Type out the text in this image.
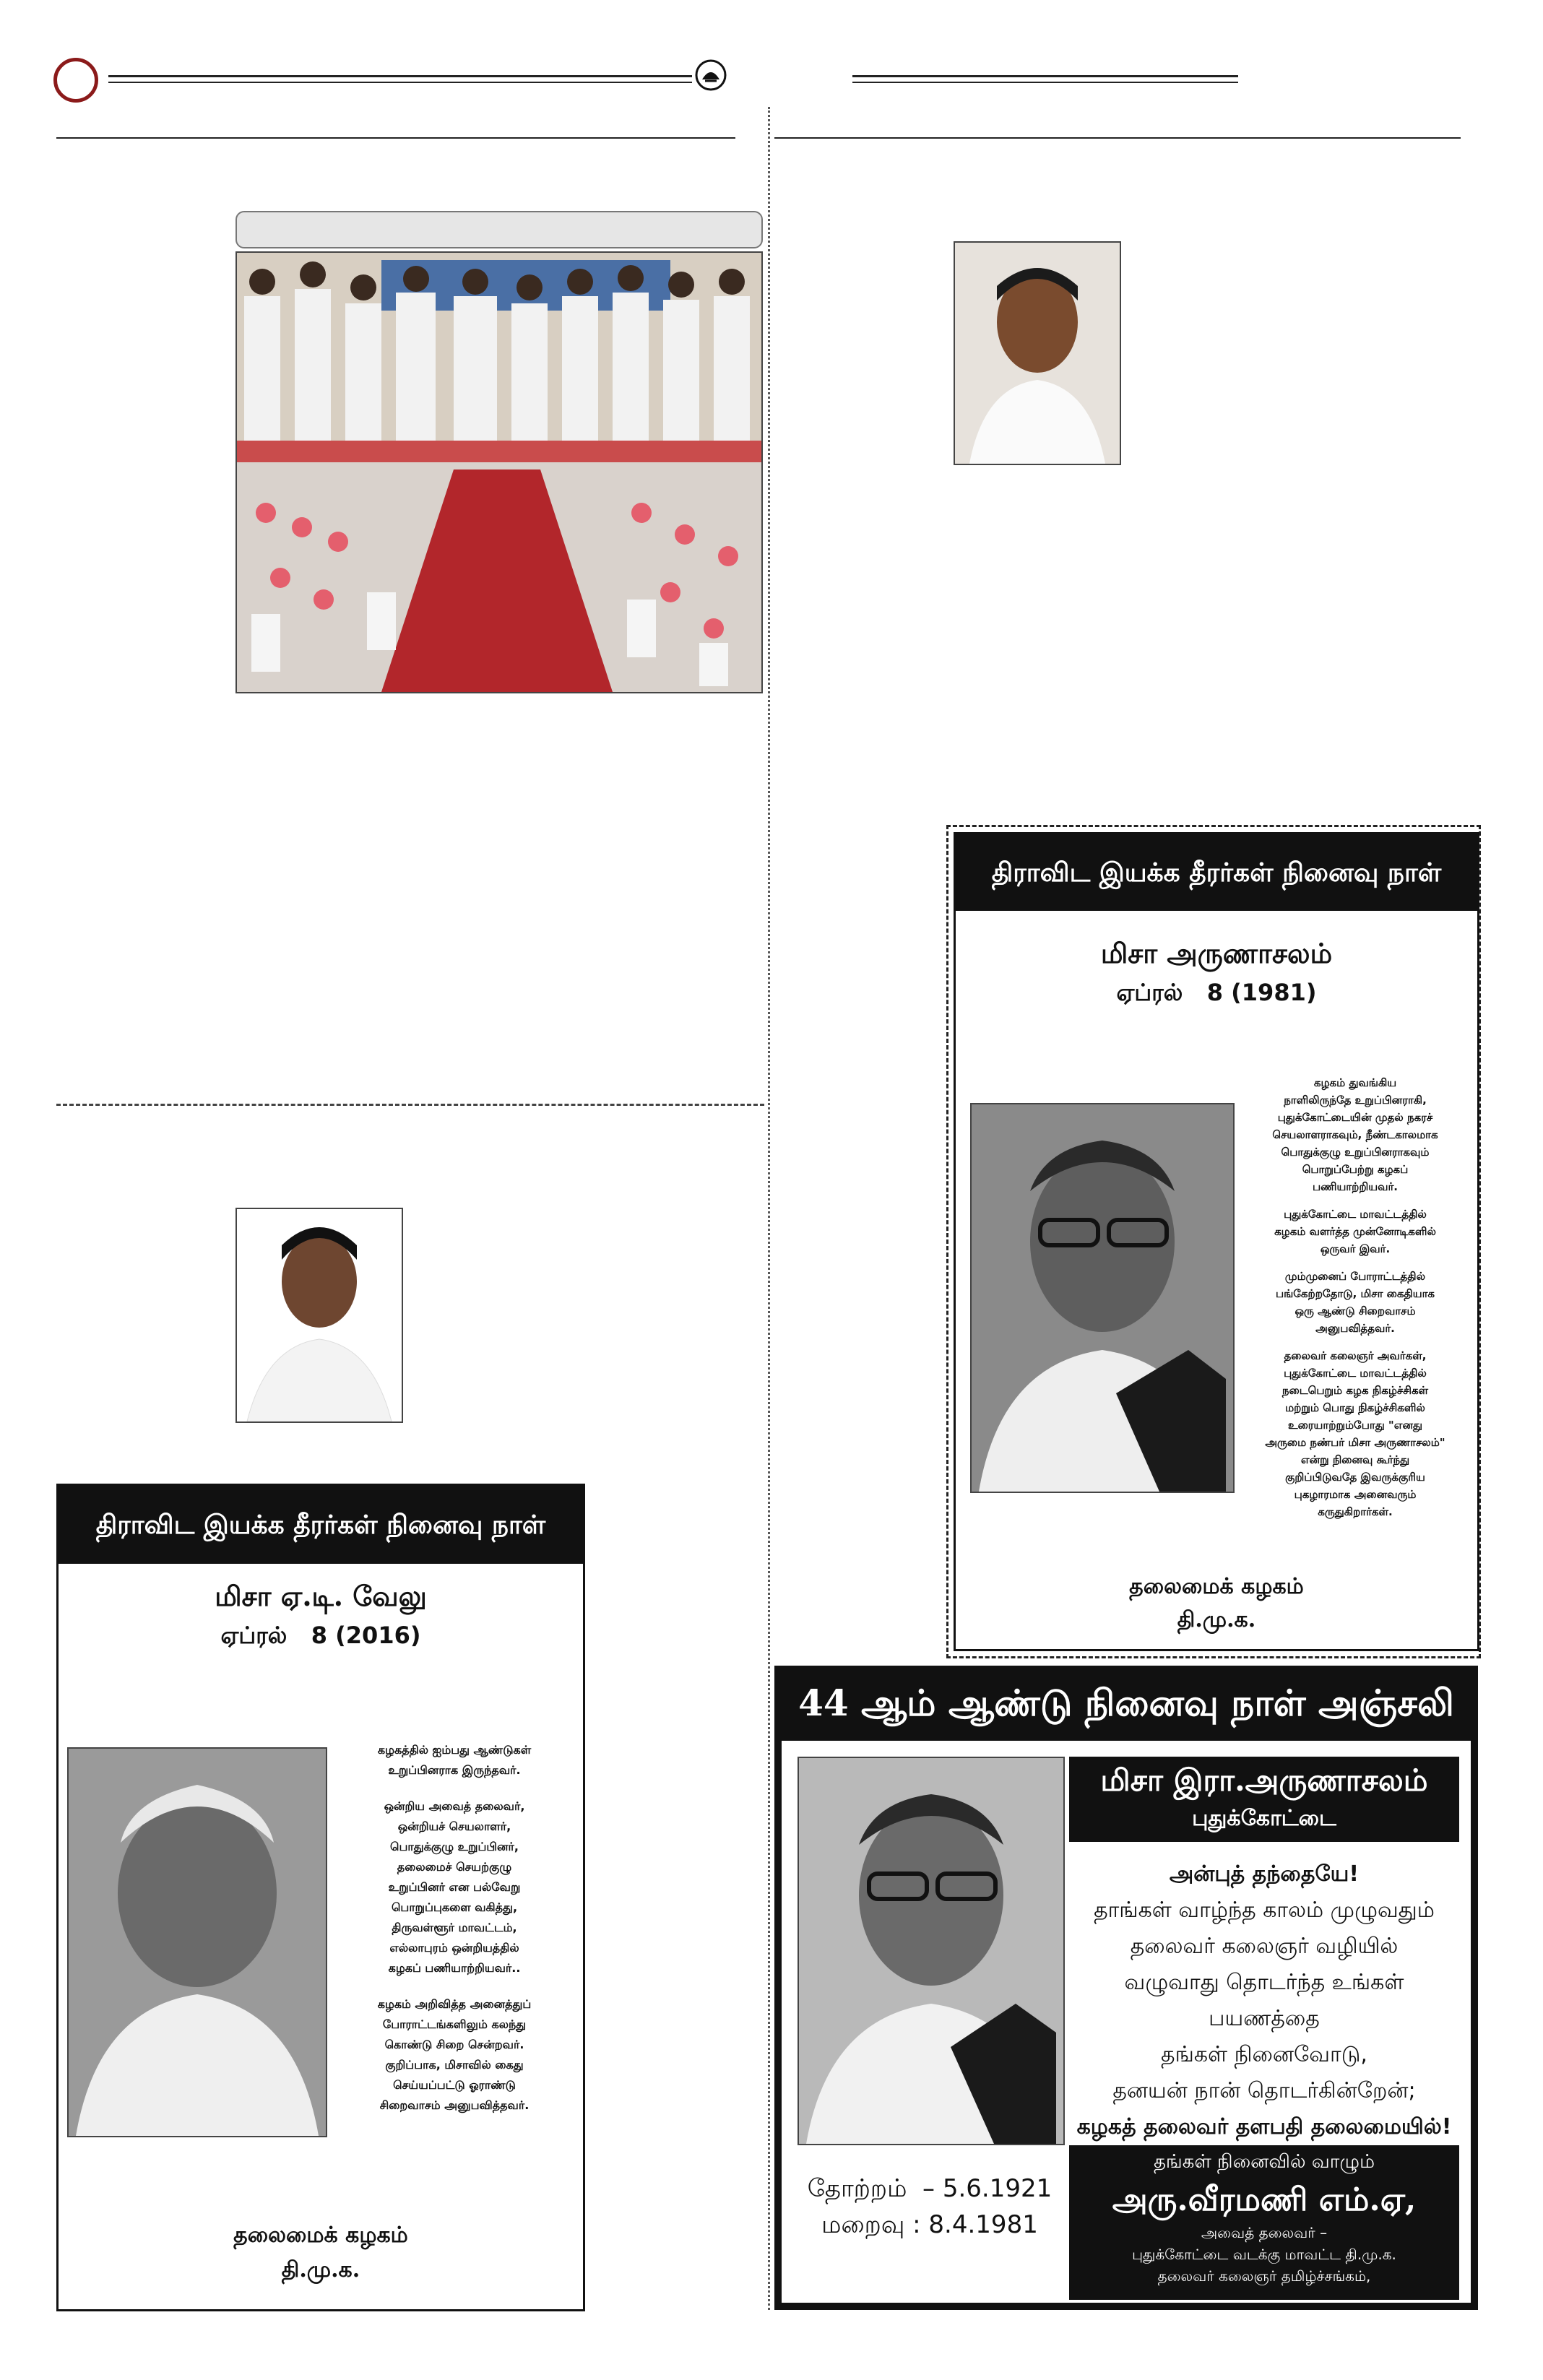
திராவிட இயக்க தீரர்கள் நினைவு நாள்
மிசா ஏ.டி. வேலு
ஏப்ரல்   8 (2016)
கழகத்தில் ஐம்பது ஆண்டுகள்
உறுப்பினராக இருந்தவர்.
ஒன்றிய அவைத் தலைவர்,
ஒன்றியச் செயலாளர்,
பொதுக்குழு உறுப்பினர்,
தலைமைச் செயற்குழு
உறுப்பினர் என பல்வேறு
பொறுப்புகளை வகித்து,
திருவள்ளூர் மாவட்டம்,
எல்லாபுரம் ஒன்றியத்தில்
கழகப் பணியாற்றியவர்..
கழகம் அறிவித்த அனைத்துப்
போராட்டங்களிலும் கலந்து
கொண்டு சிறை சென்றவர்.
குறிப்பாக, மிசாவில் கைது
செய்யப்பட்டு ஓராண்டு
சிறைவாசம் அனுபவித்தவர்.
தலைமைக் கழகம்
தி.மு.க.
திராவிட இயக்க தீரர்கள் நினைவு நாள்
மிசா அருணாசலம்
ஏப்ரல்   8 (1981)
கழகம் துவங்கிய
நாளிலிருந்தே உறுப்பினராகி,
புதுக்கோட்டையின் முதல் நகரச்
செயலாளராகவும், நீண்டகாலமாக
பொதுக்குழு உறுப்பினராகவும்
பொறுப்பேற்று கழகப்
பணியாற்றியவர்.
புதுக்கோட்டை மாவட்டத்தில்
கழகம் வளர்த்த முன்னோடிகளில்
ஒருவர் இவர்.
மும்முனைப் போராட்டத்தில்
பங்கேற்றதோடு, மிசா கைதியாக
ஒரு ஆண்டு சிறைவாசம்
அனுபவித்தவர்.
தலைவர் கலைஞர் அவர்கள்,
புதுக்கோட்டை மாவட்டத்தில்
நடைபெறும் கழக நிகழ்ச்சிகள்
மற்றும் பொது நிகழ்ச்சிகளில்
உரையாற்றும்போது "எனது
அருமை நண்பர் மிசா அருணாசலம்"
என்று நினைவு கூர்ந்து
குறிப்பிடுவதே இவருக்குரிய
புகழாரமாக அனைவரும்
கருதுகிறார்கள்.
தலைமைக் கழகம்
தி.மு.க.
44 ஆம் ஆண்டு நினைவு நாள் அஞ்சலி
தோற்றம்  – 5.6.1921
மறைவு : 8.4.1981
மிசா இரா.அருணாசலம்
புதுக்கோட்டை
அன்புத் தந்தையே!
தாங்கள் வாழ்ந்த காலம் முழுவதும்
தலைவர் கலைஞர் வழியில்
வழுவாது தொடர்ந்த உங்கள் பயணத்தை
தங்கள் நினைவோடு,
தனயன் நான் தொடர்கின்றேன்;
கழகத் தலைவர் தளபதி தலைமையில்!
தங்கள் நினைவில் வாழும்
அரு.வீரமணி எம்.ஏ,
அவைத் தலைவர் –
புதுக்கோட்டை வடக்கு மாவட்ட தி.மு.க.
தலைவர் கலைஞர் தமிழ்ச்சங்கம்,
